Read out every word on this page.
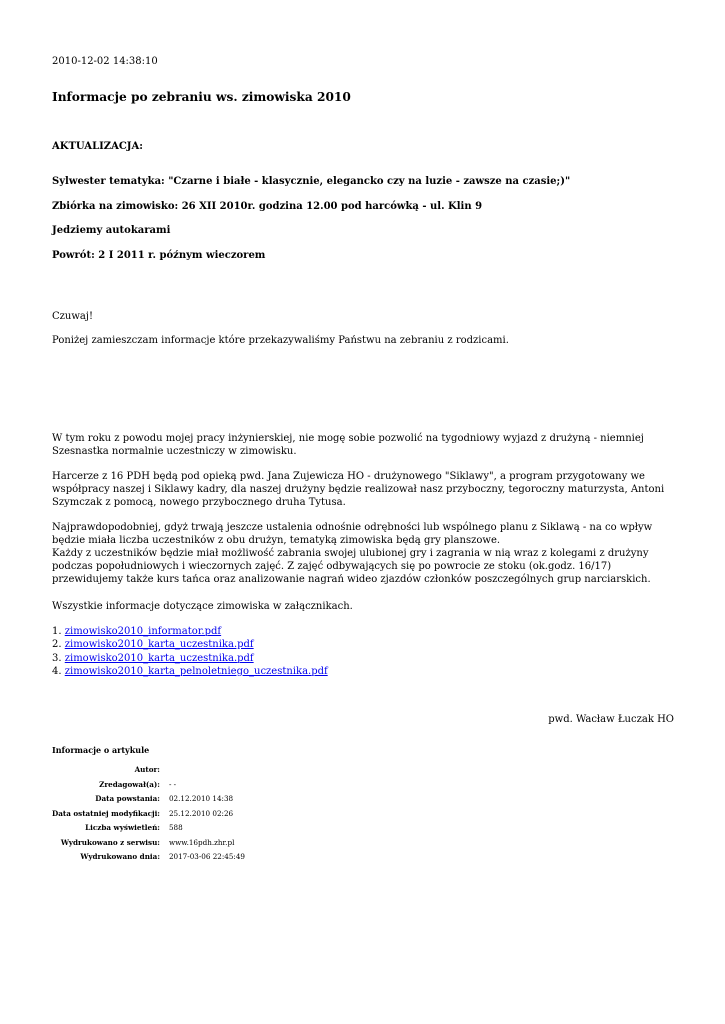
2010-12-02 14:38:10
Informacje po zebraniu ws. zimowiska 2010

AKTUALIZACJA:

Sylwester tematyka: "Czarne i białe - klasycznie, elegancko czy na luzie - zawsze na czasie;)"

Zbiórka na zimowisko: 26 XII 2010r. godzina 12.00 pod harcówką - ul. Klin 9

Jedziemy autokarami

Powrót: 2 I 2011 r. późnym wieczorem

Czuwaj!

Poniżej zamieszczam informacje które przekazywaliśmy Państwu na zebraniu z rodzicami.

W tym roku z powodu mojej pracy inżynierskiej, nie mogę sobie pozwolić na tygodniowy wyjazd z drużyną - niemniej Szesnastka normalnie uczestniczy w zimowisku.

Harcerze z 16 PDH będą pod opieką pwd. Jana Zujewicza HO - drużynowego "Siklawy", a program przygotowany we współpracy naszej i Siklawy kadry, dla naszej drużyny będzie realizował nasz przyboczny, tegoroczny maturzysta, Antoni Szymczak z pomocą, nowego przybocznego druha Tytusa.

Najprawdopodobniej, gdyż trwają jeszcze ustalenia odnośnie odrębności lub wspólnego planu z Siklawą - na co wpływ będzie miała liczba uczestników z obu drużyn, tematyką zimowiska będą gry planszowe.

Każdy z uczestników będzie miał możliwość zabrania swojej ulubionej gry i zagrania w nią wraz z kolegami z drużyny podczas popołudniowych i wieczornych zajęć. Z zajęć odbywających się po powrocie ze stoku (ok.godz. 16/17) przewidujemy także kurs tańca oraz analizowanie nagrań wideo zjazdów członków poszczególnych grup narciarskich.

Wszystkie informacje dotyczące zimowiska w załącznikach.

1. zimowisko2010_informator.pdf
2. zimowisko2010_karta_uczestnika.pdf
3. zimowisko2010_karta_uczestnika.pdf
4. zimowisko2010_karta_pelnoletniego_uczestnika.pdf
pwd. Wacław Łuczak HO
Informacje o artykule
Autor:	
Zredagował(a):	- -
Data powstania:	02.12.2010 14:38
Data ostatniej modyfikacji:	25.12.2010 02:26
Liczba wyświetleń:	588
Wydrukowano z serwisu:	www.16pdh.zhr.pl
Wydrukowano dnia:	2017-03-06 22:45:49
